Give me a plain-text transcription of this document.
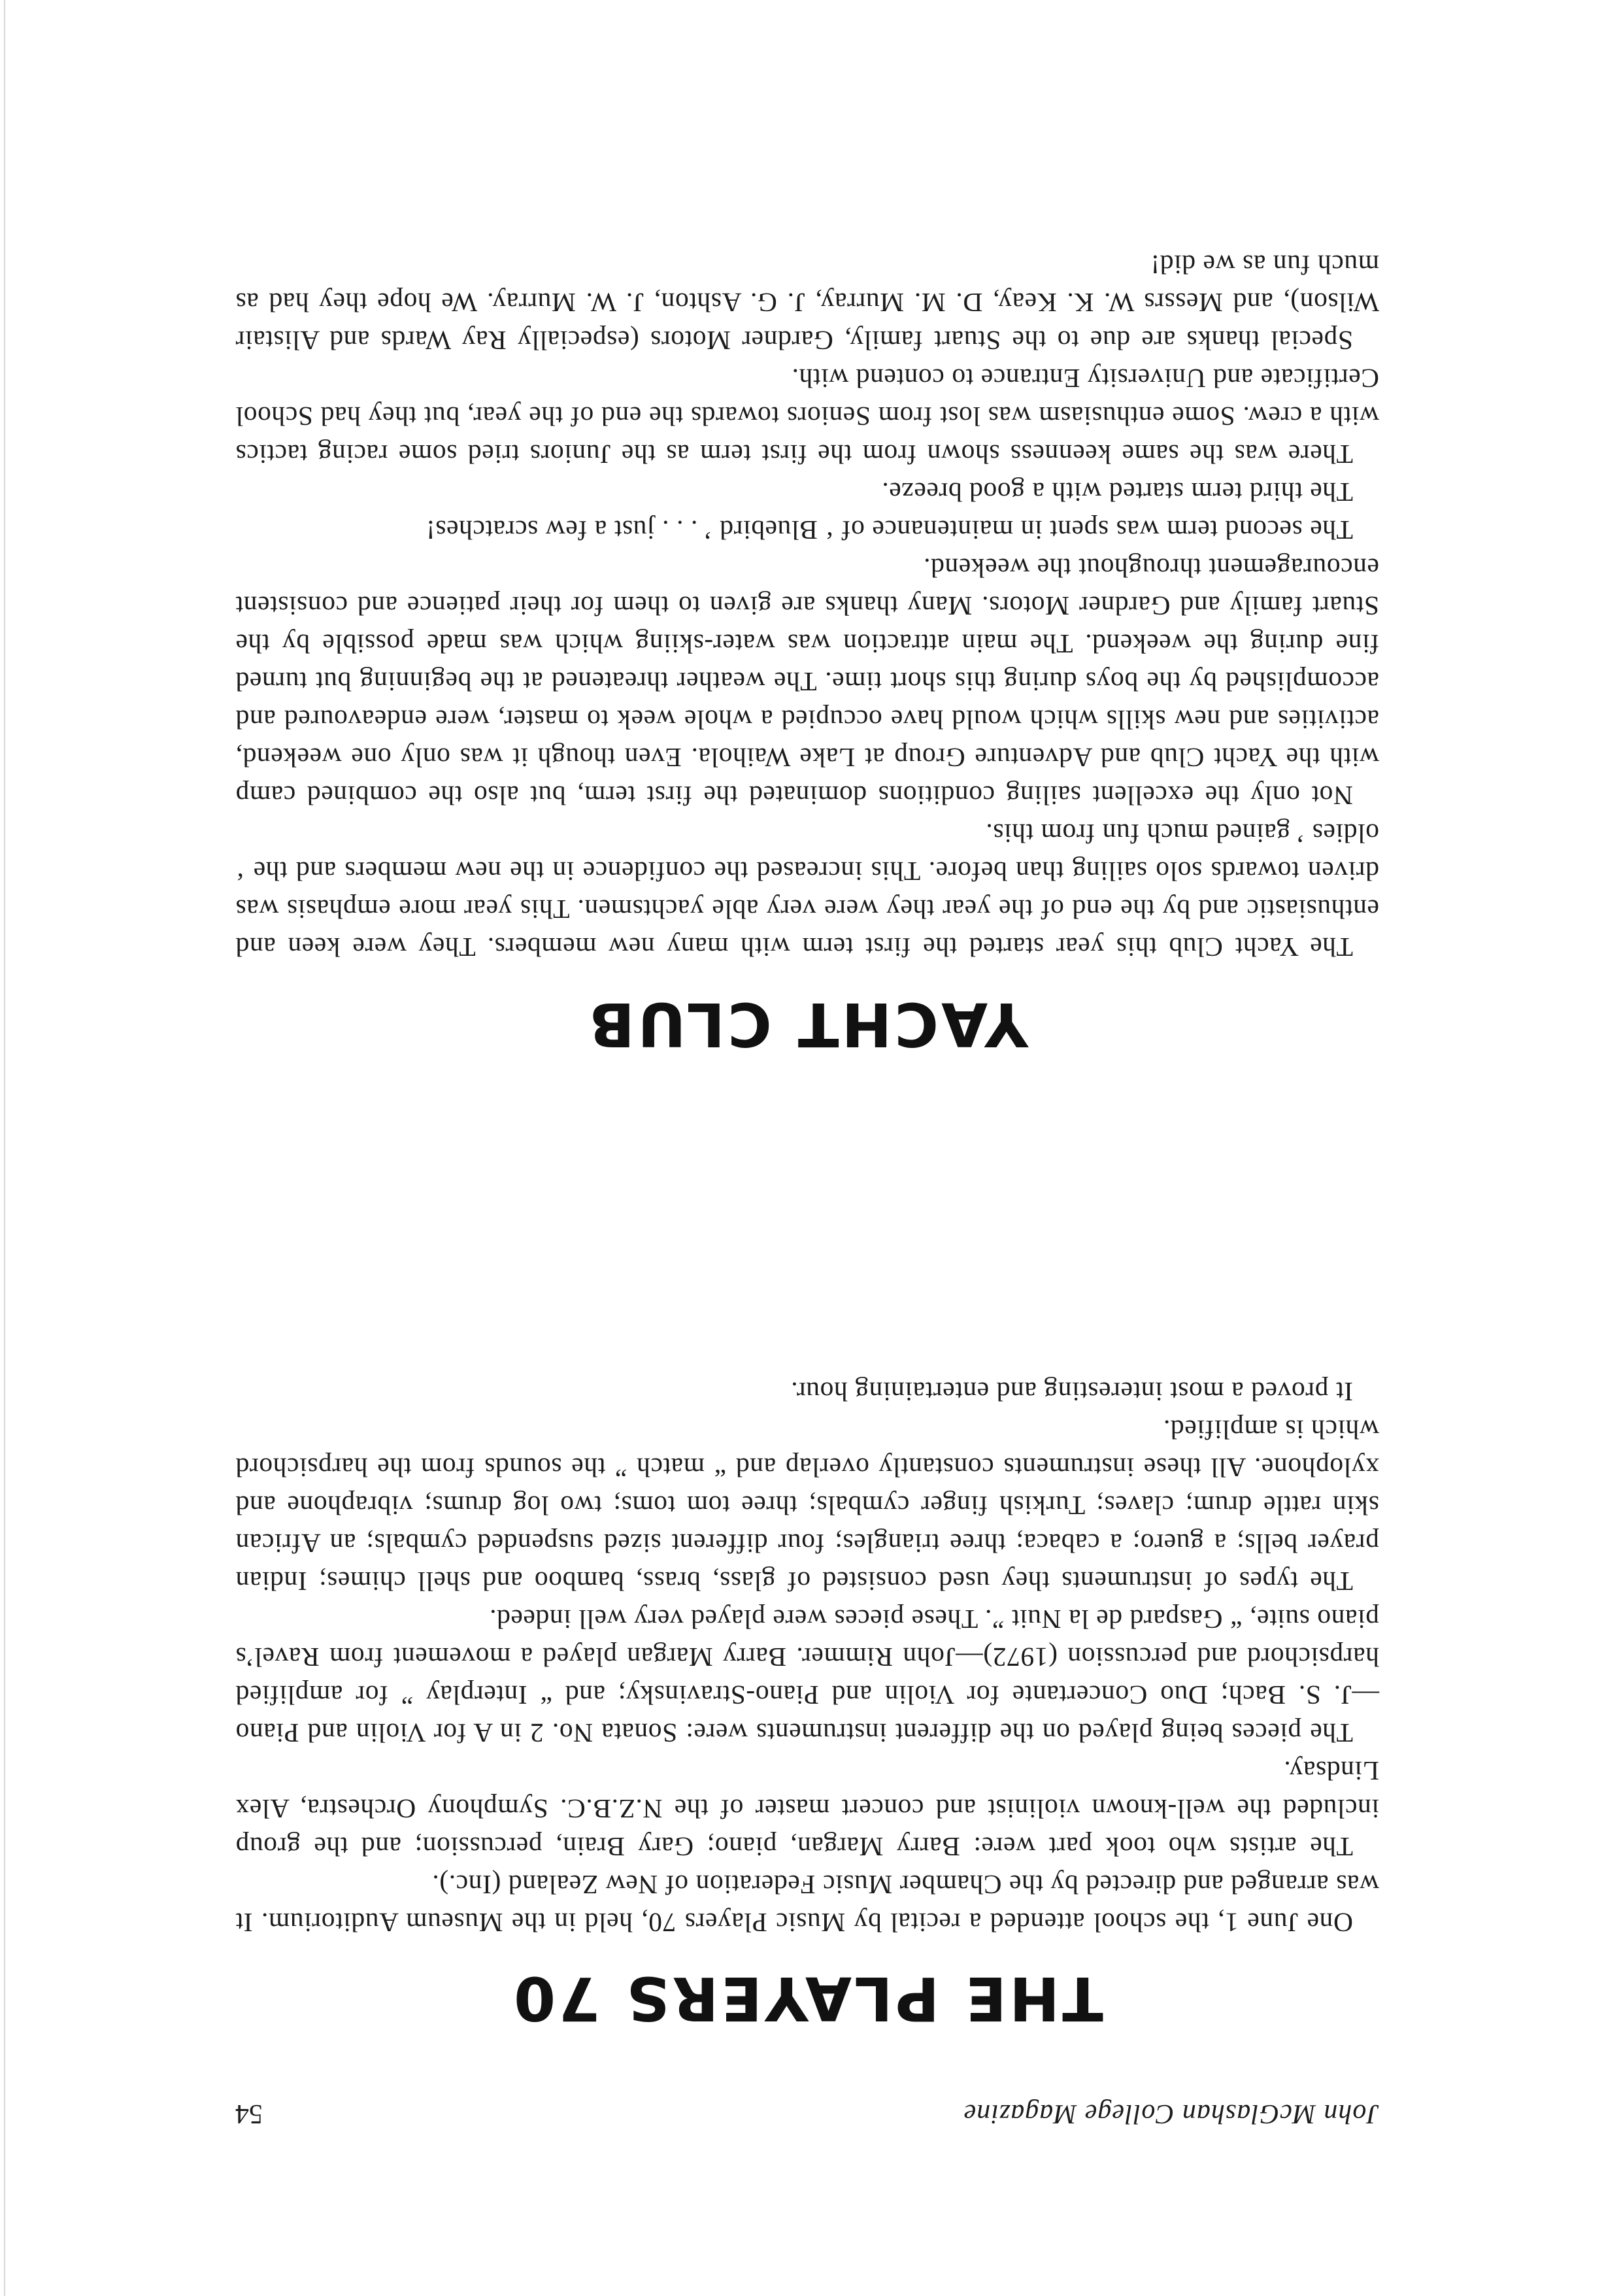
John McGlashan College Magazine
54
THE PLAYERS 70

One June 1, the school attended a recital by Music Players 70, held in the Museum Auditorium. It was arranged and directed by the Chamber Music Federation of New Zealand (Inc.).

The artists who took part were: Barry Margan, piano; Gary Brain, percussion; and the group included the well-known violinist and concert master of the N.Z.B.C. Symphony Orchestra, Alex Lindsay.

The pieces being played on the different instruments were: Sonata No. 2 in A for Violin and Piano—J. S. Bach; Duo Concertante for Violin and Piano-Stravinsky; and “ Interplay ” for amplified harpsichord and percussion (1972)—John Rimmer. Barry Margan played a movement from Ravel’s piano suite, “ Gaspard de la Nuit ”. These pieces were played very well indeed.

The types of instruments they used consisted of glass, brass, bamboo and shell chimes; Indian prayer bells; a guero; a cabaca; three triangles; four different sized suspended cymbals; an African skin rattle drum; claves; Turkish finger cymbals; three tom toms; two log drums; vibraphone and xylophone. All these instruments constantly overlap and “ match ” the sounds from the harpsichord which is amplified.

It proved a most interesting and entertaining hour.

YACHT CLUB

The Yacht Club this year started the first term with many new members. They were keen and enthusiastic and by the end of the year they were very able yachtsmen. This year more emphasis was driven towards solo sailing than before. This increased the confidence in the new members and the ‘ oldies ’ gained much fun from this.

Not only the excellent sailing conditions dominated the first term, but also the combined camp with the Yacht Club and Adventure Group at Lake Waihola. Even though it was only one weekend, activities and new skills which would have occupied a whole week to master, were endeavoured and accomplished by the boys during this short time. The weather threatened at the beginning but turned fine during the weekend. The main attraction was water-skiing which was made possible by the Stuart family and Gardner Motors. Many thanks are given to them for their patience and consistent encouragement throughout the weekend.

The second term was spent in maintenance of ‘ Bluebird ’ . . . just a few scratches!

The third term started with a good breeze.

There was the same keenness shown from the first term as the Juniors tried some racing tactics with a crew. Some enthusiasm was lost from Seniors towards the end of the year, but they had School Certificate and University Entrance to contend with.

Special thanks are due to the Stuart family, Gardner Motors (especially Ray Wards and Alistair Wilson), and Messrs W. K. Keay, D. M. Murray, J. G. Ashton, J. W. Murray. We hope they had as much fun as we did!
